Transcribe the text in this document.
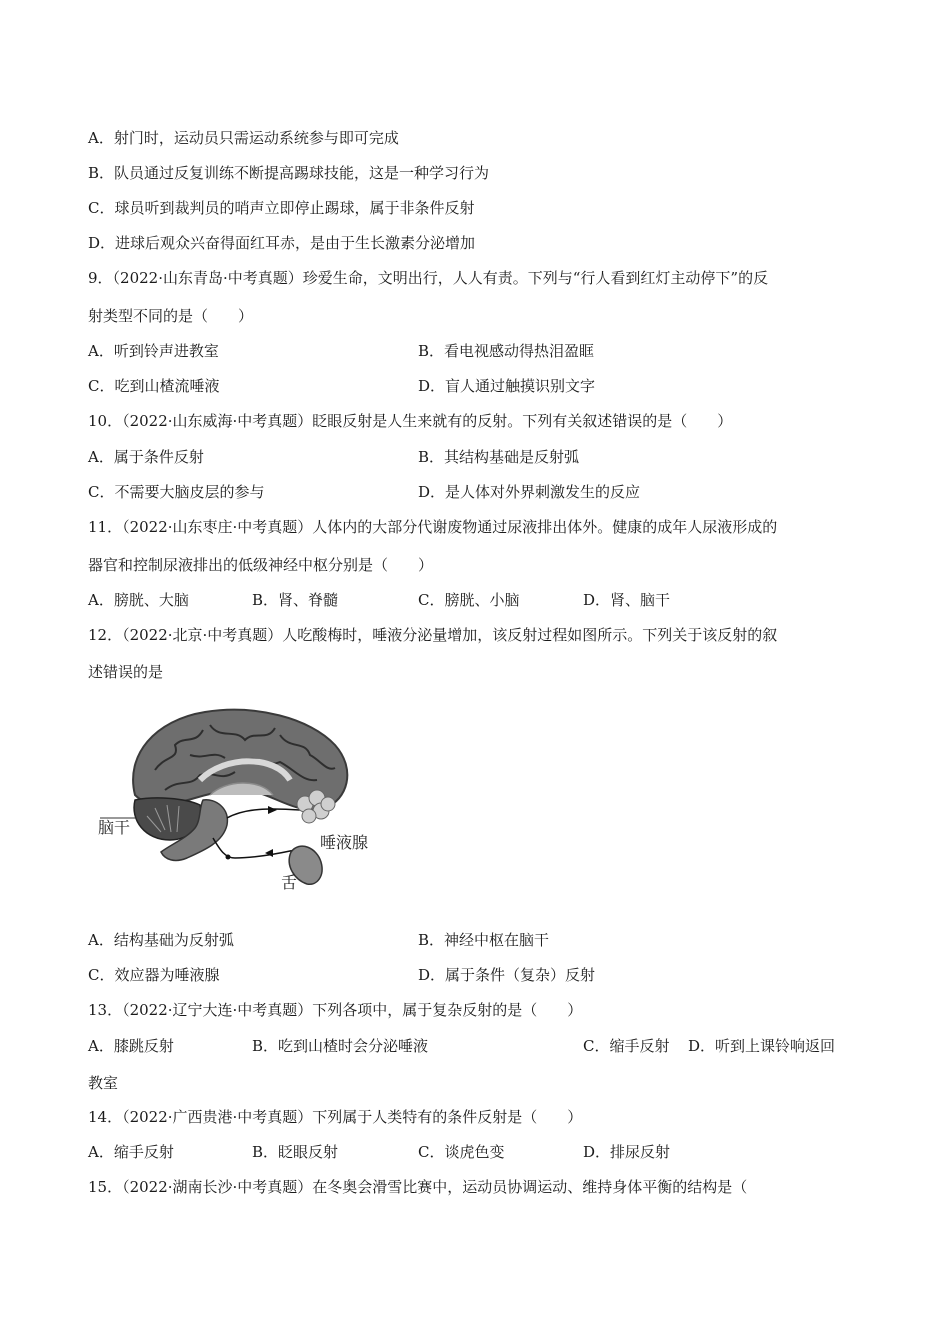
A．射门时，运动员只需运动系统参与即可完成
B．队员通过反复训练不断提高踢球技能，这是一种学习行为
C．球员听到裁判员的哨声立即停止踢球，属于非条件反射
D．进球后观众兴奋得面红耳赤，是由于生长激素分泌增加
9．（2022·山东青岛·中考真题）珍爱生命，文明出行，人人有责。下列与“行人看到红灯主动停下”的反
射类型不同的是（　　）
A．听到铃声进教室	B．看电视感动得热泪盈眶
C．吃到山楂流唾液	D．盲人通过触摸识别文字
10．（2022·山东威海·中考真题）眨眼反射是人生来就有的反射。下列有关叙述错误的是（　　）
A．属于条件反射	B．其结构基础是反射弧
C．不需要大脑皮层的参与	D．是人体对外界刺激发生的反应
11．（2022·山东枣庄·中考真题）人体内的大部分代谢废物通过尿液排出体外。健康的成年人尿液形成的
器官和控制尿液排出的低级神经中枢分别是（　　）
A．膀胱、大脑	B．肾、脊髓	C．膀胱、小脑	D．肾、脑干
12．（2022·北京·中考真题）人吃酸梅时，唾液分泌量增加，该反射过程如图所示。下列关于该反射的叙
述错误的是
脑干
唾液腺
舌
A．结构基础为反射弧	B．神经中枢在脑干
C．效应器为唾液腺	D．属于条件（复杂）反射
13．（2022·辽宁大连·中考真题）下列各项中，属于复杂反射的是（　　）
A．膝跳反射	B．吃到山楂时会分泌唾液	C．缩手反射 D．听到上课铃响返回
教室
14．（2022·广西贵港·中考真题）下列属于人类特有的条件反射是（　　）
A．缩手反射	B．眨眼反射	C．谈虎色变	D．排尿反射
15．（2022·湖南长沙·中考真题）在冬奥会滑雪比赛中，运动员协调运动、维持身体平衡的结构是（
